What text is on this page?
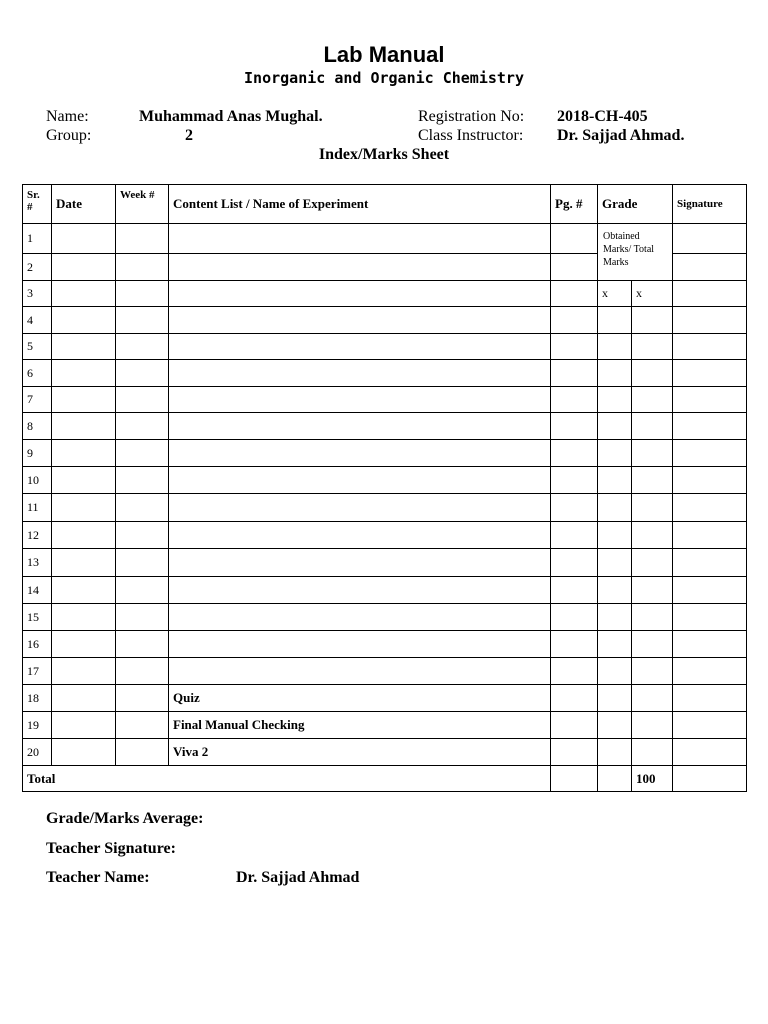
Lab Manual
Inorganic and Organic Chemistry
Name:	Muhammad Anas Mughal.	Registration No: 2018-CH-405
Group:	2	Class Instructor: Dr. Sajjad Ahmad.
Index/Marks Sheet
Sr. #	Date	Week #	Content List / Name of Experiment	Pg. #	Grade		Signature
1					Obtained Marks/ Total Marks		
2							
3					x	x	
4							
5							
6							
7							
8							
9							
10							
11							
12							
13							
14							
15							
16							
17							
18			Quiz				
19			Final Manual Checking				
20			Viva 2				
Total						100	
Grade/Marks Average:
Teacher Signature:
Teacher Name:	Dr. Sajjad Ahmad
